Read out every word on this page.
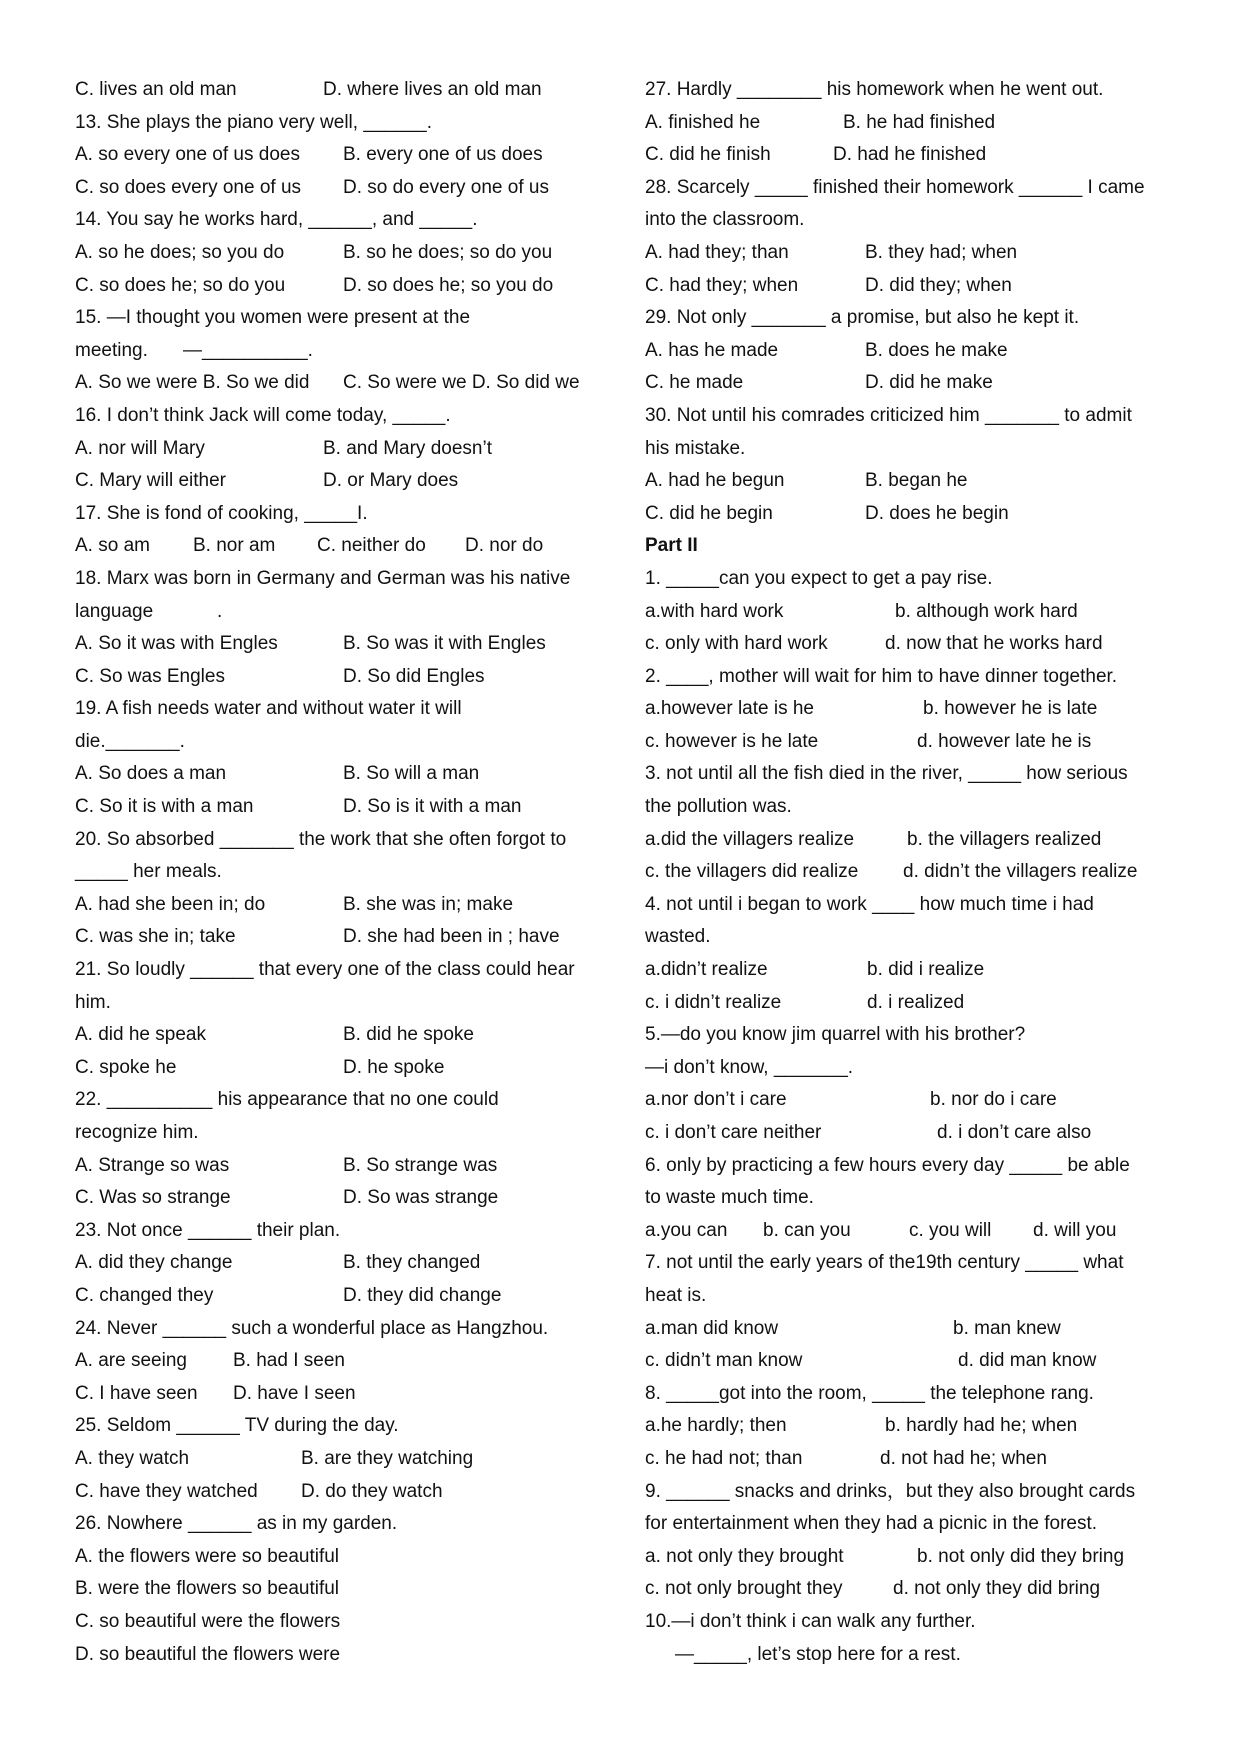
C. lives an old man	D. where lives an old man
13. She plays the piano very well, ______.
A. so every one of us does B. every one of us does
C. so does every one of us D. so do every one of us
14. You say he works hard, ______, and _____.
A. so he does; so you do	B. so he does; so do you
C. so does he; so do you	D. so does he; so you do
15. —I thought you women were present at the
meeting. —__________.
A. So we were B. So we did C. So were we D. So did we
16. I don’t think Jack will come today, _____.
A. nor will Mary	B. and Mary doesn’t
C. Mary will either	D. or Mary does
17. She is fond of cooking, _____I.
A. so am B. nor am C. neither do D. nor do
18. Marx was born in Germany and German was his native
language	.
A. So it was with Engles	B. So was it with Engles
C. So was Engles	D. So did Engles
19. A fish needs water and without water it will
die._______.
A. So does a man	B. So will a man
C. So it is with a man	D. So is it with a man
20. So absorbed _______ the work that she often forgot to
_____ her meals.
A. had she been in; do	B. she was in; make
C. was she in; take	D. she had been in ; have
21. So loudly ______ that every one of the class could hear
him.
A. did he speak	B. did he spoke
C. spoke he	D. he spoke
22. __________ his appearance that no one could
recognize him.
A. Strange so was	B. So strange was
C. Was so strange	D. So was strange
23. Not once ______ their plan.
A. did they change	B. they changed
C. changed they	D. they did change
24. Never ______ such a wonderful place as Hangzhou.
A. are seeing B. had I seen
C. I have seen D. have I seen
25. Seldom ______ TV during the day.
A. they watch	B. are they watching
C. have they watched D. do they watch
26. Nowhere ______ as in my garden.
A. the flowers were so beautiful
B. were the flowers so beautiful
C. so beautiful were the flowers
D. so beautiful the flowers were
27. Hardly ________ his homework when he went out.
A. finished he	B. he had finished
C. did he finish	D. had he finished
28. Scarcely _____ finished their homework ______ I came
into the classroom.
A. had they; than	B. they had; when
C. had they; when	D. did they; when
29. Not only _______ a promise, but also he kept it.
A. has he made	B. does he make
C. he made	D. did he make
30. Not until his comrades criticized him _______ to admit
his mistake.
A. had he begun	B. began he
C. did he begin	D. does he begin
Part II
1. _____can you expect to get a pay rise.
a.with hard work	b. although work hard
c. only with hard work	d. now that he works hard
2. ____, mother will wait for him to have dinner together.
a.however late is he	b. however he is late
c. however is he late	d. however late he is
3. not until all the fish died in the river, _____ how serious
the pollution was.
a.did the villagers realize	b. the villagers realized
c. the villagers did realize d. didn’t the villagers realize
4. not until i began to work ____ how much time i had
wasted.
a.didn’t realize	b. did i realize
c. i didn’t realize	d. i realized
5.—do you know jim quarrel with his brother?
—i don’t know, _______.
a.nor don’t i care	b. nor do i care
c. i don’t care neither	d. i don’t care also
6. only by practicing a few hours every day _____ be able
to waste much time.
a.you can b. can you	c. you will d. will you
7. not until the early years of the19th century _____ what
heat is.
a.man did know	b. man knew
c. didn’t man know	d. did man know
8. _____got into the room, _____ the telephone rang.
a.he hardly; then	b. hardly had he; when
c. he had not; than	d. not had he; when
9. ______ snacks and drinks，but they also brought cards
for entertainment when they had a picnic in the forest.
a. not only they brought	b. not only did they bring
c. not only brought they	d. not only they did bring
10.—i don’t think i can walk any further.
—_____, let’s stop here for a rest.
